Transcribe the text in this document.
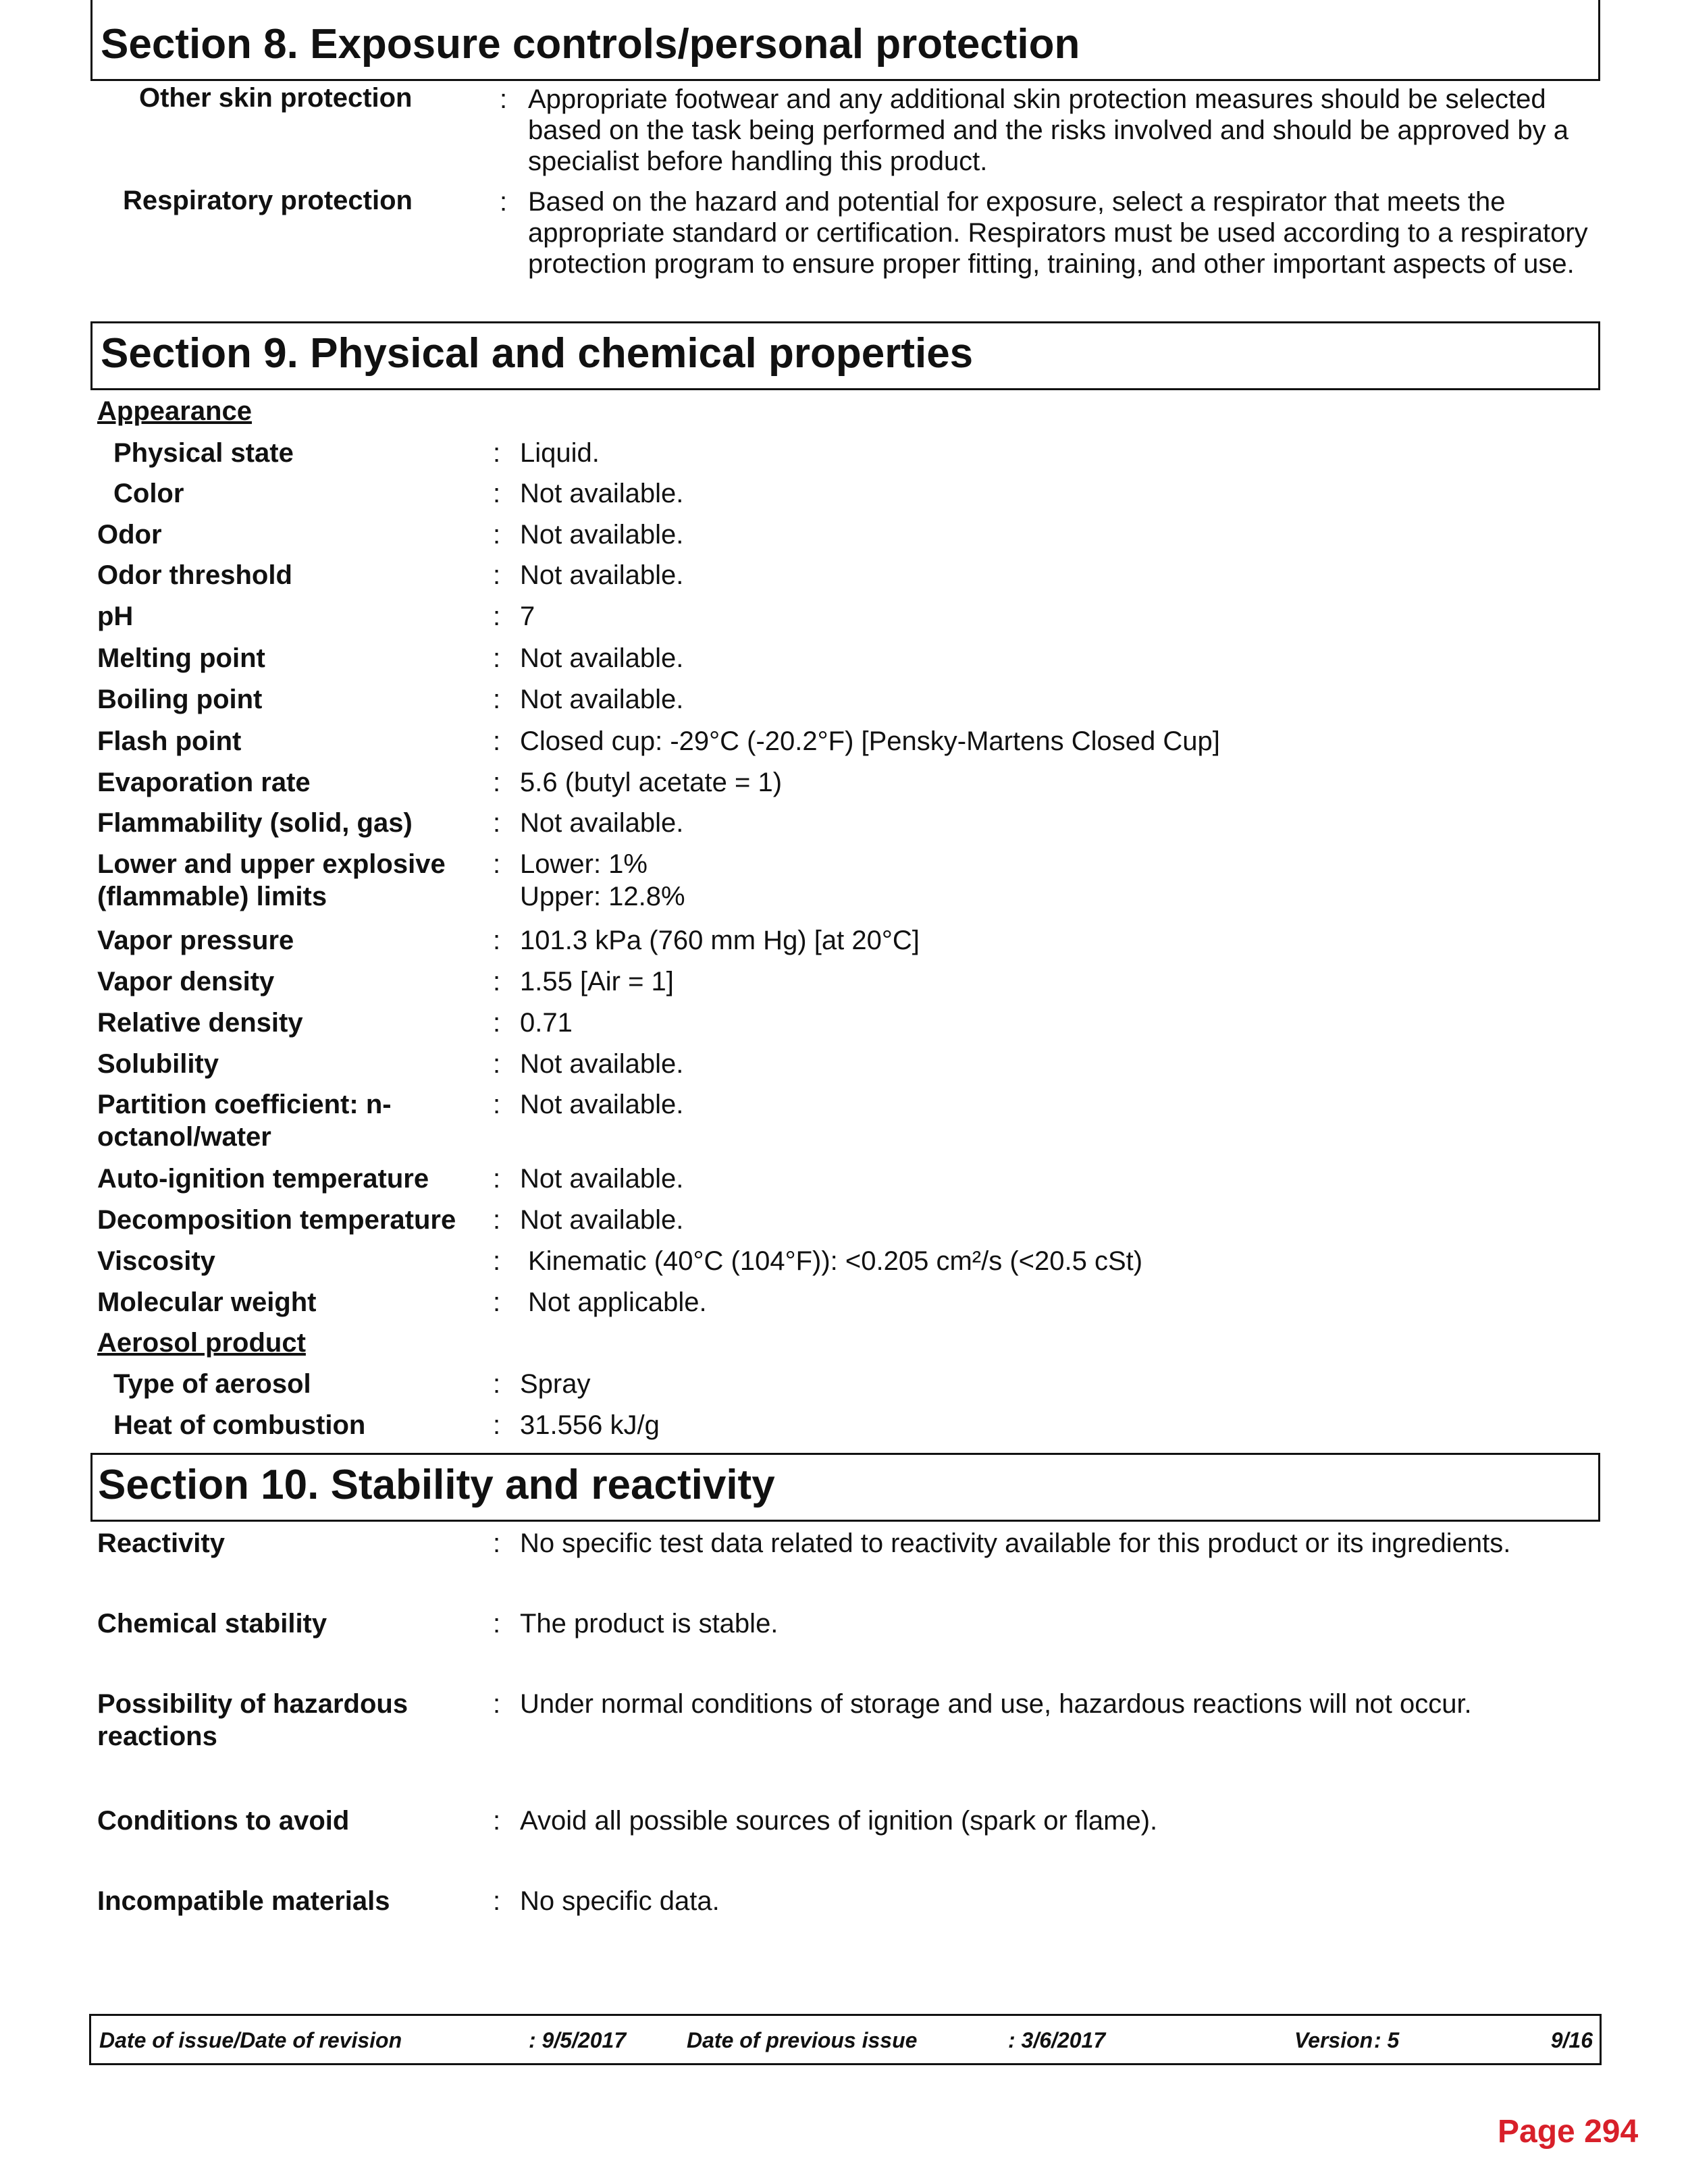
Section 8. Exposure controls/personal protection
Other skin protection	: Appropriate footwear and any additional skin protection measures should be selected based on the task being performed and the risks involved and should be approved by a specialist before handling this product.
Respiratory protection	: Based on the hazard and potential for exposure, select a respirator that meets the appropriate standard or certification. Respirators must be used according to a respiratory protection program to ensure proper fitting, training, and other important aspects of use.
Section 9. Physical and chemical properties
Appearance
Physical state	: Liquid.
Color	: Not available.
Odor	: Not available.
Odor threshold	: Not available.
pH	: 7
Melting point	: Not available.
Boiling point	: Not available.
Flash point	: Closed cup: -29°C (-20.2°F) [Pensky-Martens Closed Cup]
Evaporation rate	: 5.6 (butyl acetate = 1)
Flammability (solid, gas)	: Not available.
Lower and upper explosive (flammable) limits
: Lower: 1%
Upper: 12.8%
Vapor pressure	: 101.3 kPa (760 mm Hg) [at 20°C]
Vapor density	: 1.55 [Air = 1]
Relative density	: 0.71
Solubility	: Not available.
Partition coefficient: n-octanol/water
: Not available.
Auto-ignition temperature : Not available.
Decomposition temperature : Not available.
Viscosity	: Kinematic (40°C (104°F)): <0.205 cm²/s (<20.5 cSt)
Molecular weight	: Not applicable.
Aerosol product
Type of aerosol	: Spray
Heat of combustion	: 31.556 kJ/g
Section 10. Stability and reactivity
Reactivity	: No specific test data related to reactivity available for this product or its ingredients.
Chemical stability	: The product is stable.
Possibility of hazardous reactions
: Under normal conditions of storage and use, hazardous reactions will not occur.
Conditions to avoid	: Avoid all possible sources of ignition (spark or flame).
Incompatible materials	: No specific data.
Date of issue/Date of revision	: 9/5/2017	Date of previous issue	: 3/6/2017	Version : 5	9/16
Page 294
